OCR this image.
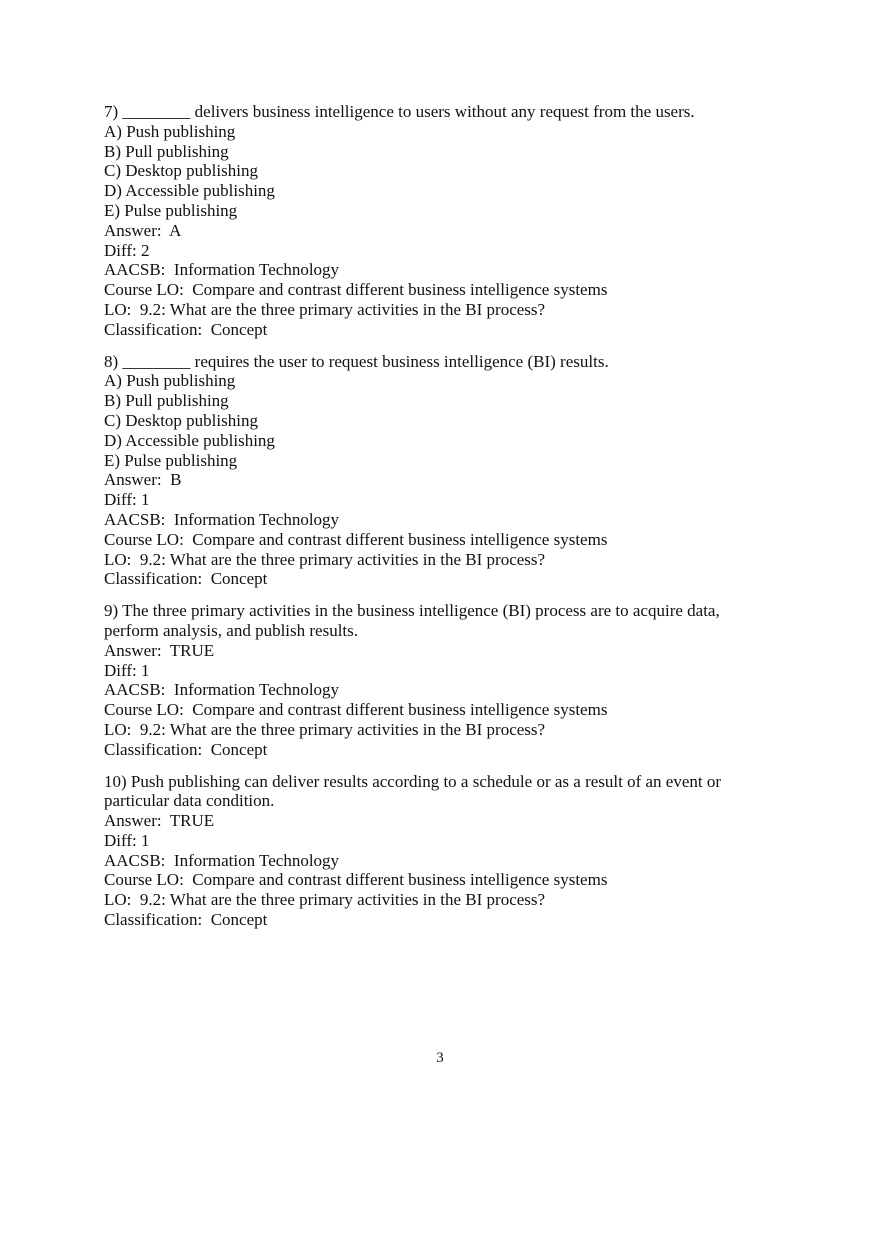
7) ________ delivers business intelligence to users without any request from the users.
A) Push publishing
B) Pull publishing
C) Desktop publishing
D) Accessible publishing
E) Pulse publishing
Answer:  A
Diff: 2
AACSB:  Information Technology
Course LO:  Compare and contrast different business intelligence systems
LO:  9.2: What are the three primary activities in the BI process?
Classification:  Concept
8) ________ requires the user to request business intelligence (BI) results.
A) Push publishing
B) Pull publishing
C) Desktop publishing
D) Accessible publishing
E) Pulse publishing
Answer:  B
Diff: 1
AACSB:  Information Technology
Course LO:  Compare and contrast different business intelligence systems
LO:  9.2: What are the three primary activities in the BI process?
Classification:  Concept
9) The three primary activities in the business intelligence (BI) process are to acquire data,
perform analysis, and publish results.
Answer:  TRUE
Diff: 1
AACSB:  Information Technology
Course LO:  Compare and contrast different business intelligence systems
LO:  9.2: What are the three primary activities in the BI process?
Classification:  Concept
10) Push publishing can deliver results according to a schedule or as a result of an event or
particular data condition.
Answer:  TRUE
Diff: 1
AACSB:  Information Technology
Course LO:  Compare and contrast different business intelligence systems
LO:  9.2: What are the three primary activities in the BI process?
Classification:  Concept
3
